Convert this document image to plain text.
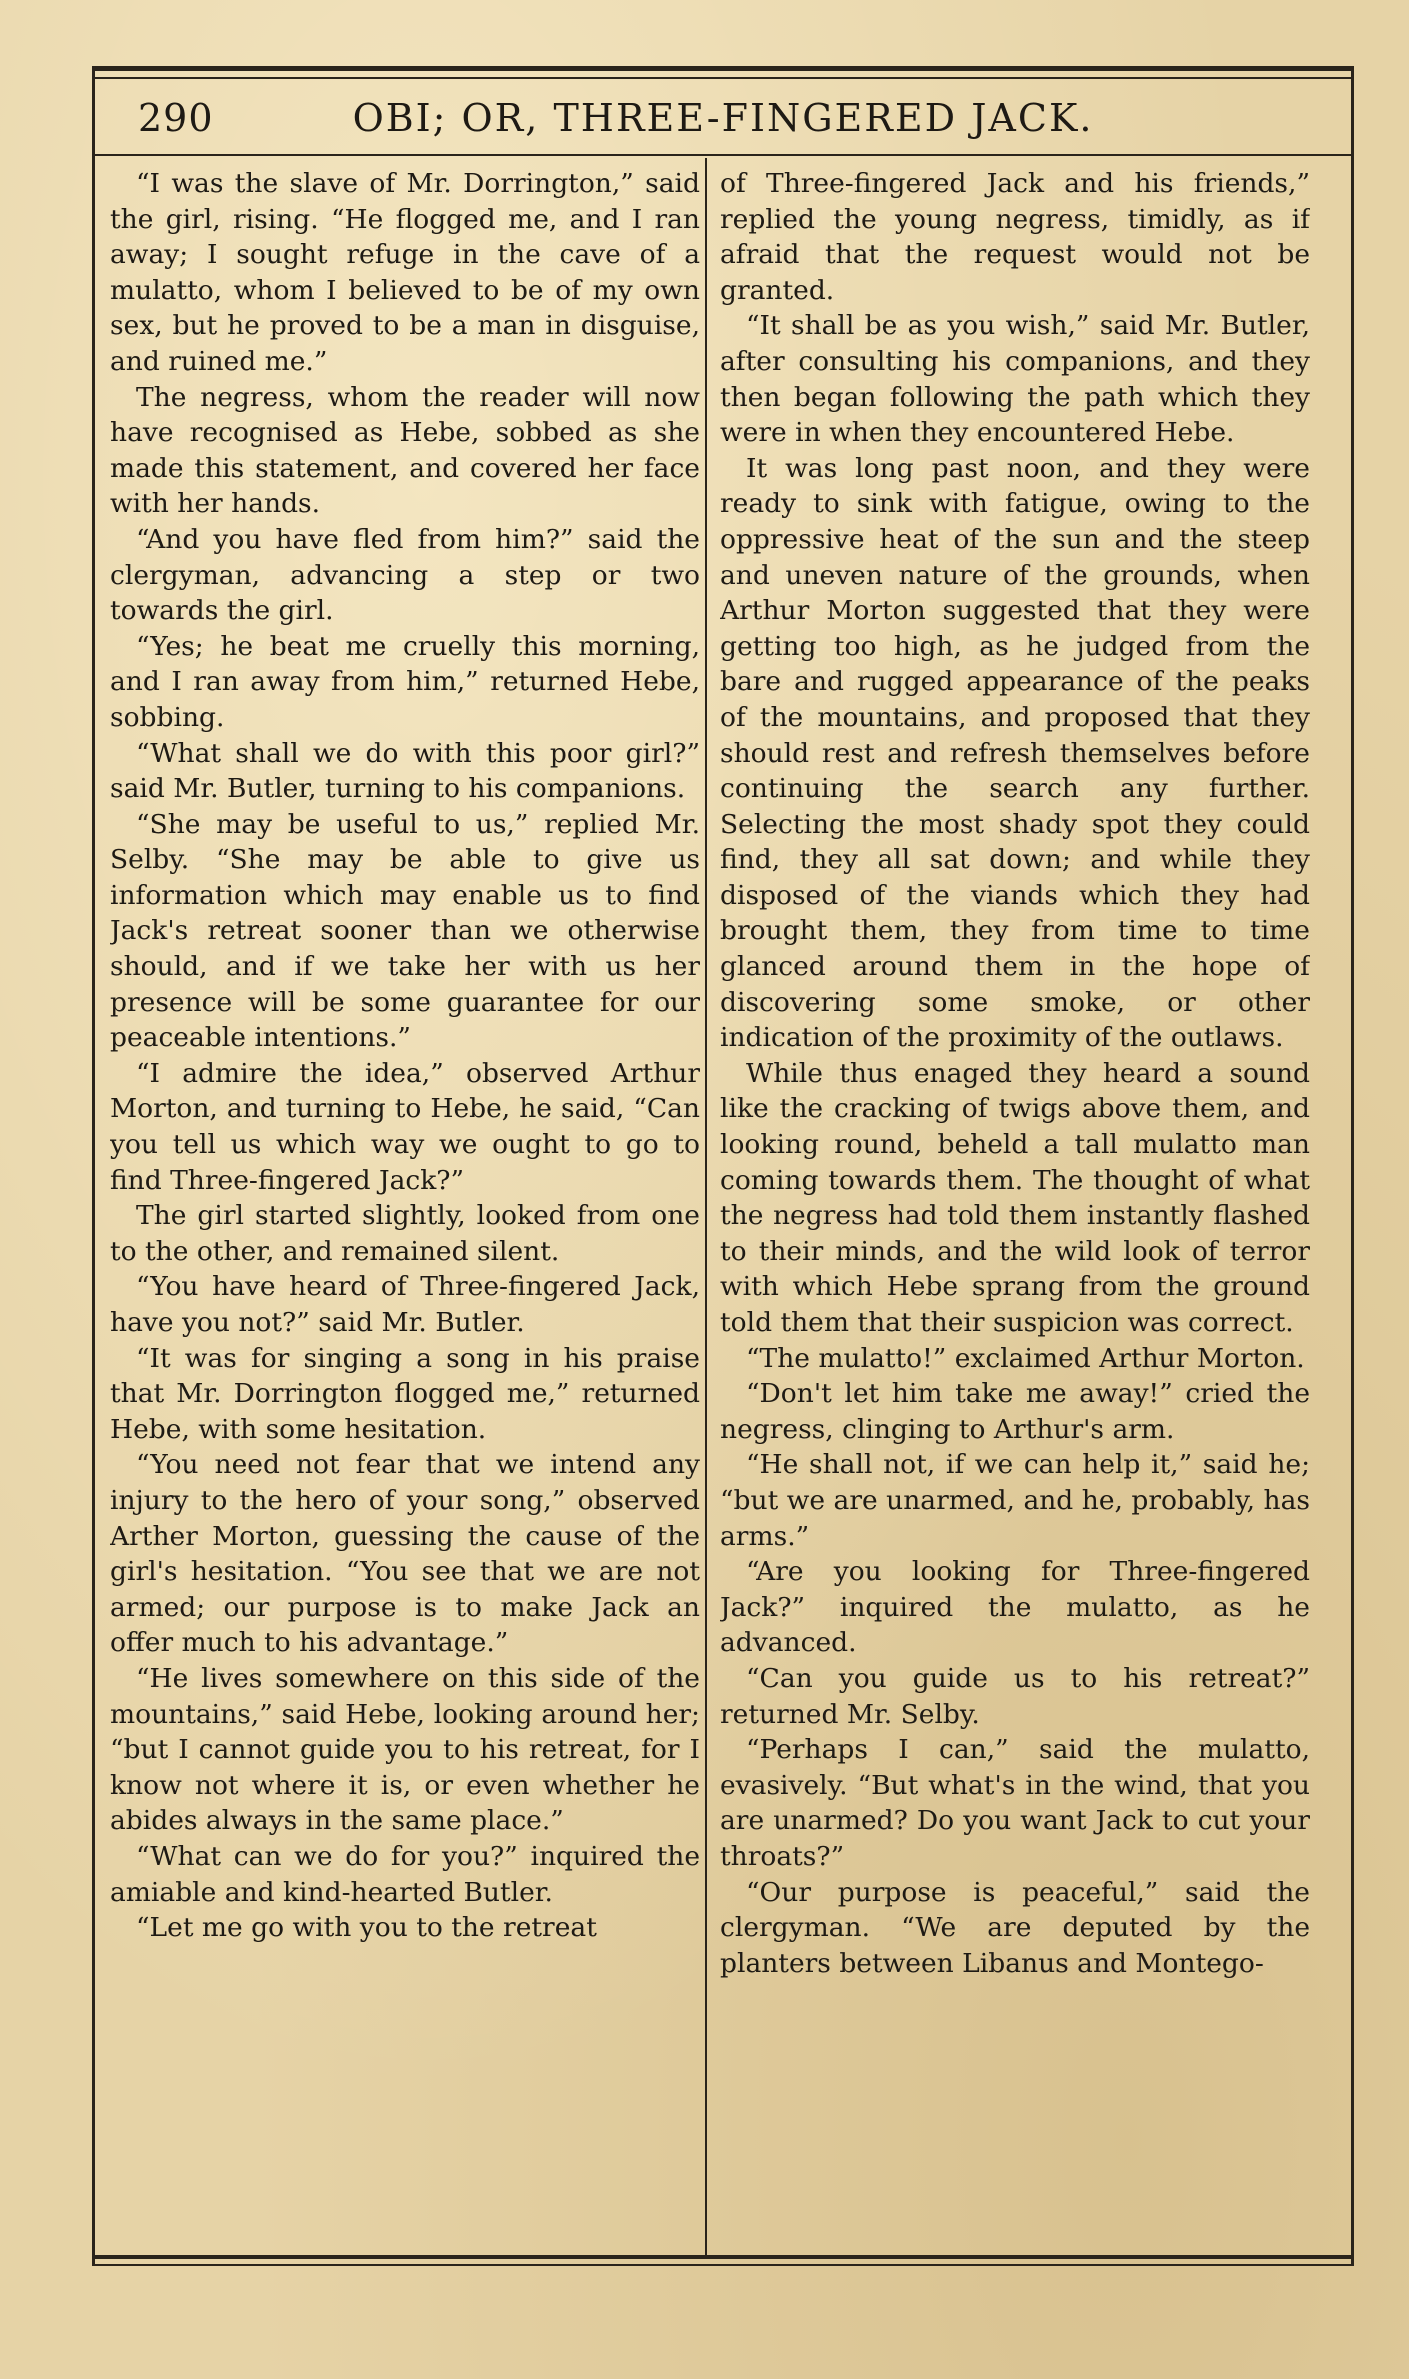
290	OBI; OR, THREE-FINGERED JACK.

“I was the slave of Mr. Dorrington,” said the girl, rising. “He flogged me, and I ran away; I sought refuge in the cave of a mulatto, whom I believed to be of my own sex, but he proved to be a man in disguise, and ruined me.”

The negress, whom the reader will now have recognised as Hebe, sobbed as she made this statement, and covered her face with her hands.

“And you have fled from him?” said the clergyman, advancing a step or two towards the girl.

“Yes; he beat me cruelly this morning, and I ran away from him,” returned Hebe, sobbing.

“What shall we do with this poor girl?” said Mr. Butler, turning to his companions.

“She may be useful to us,” replied Mr. Selby. “She may be able to give us information which may enable us to find Jack's retreat sooner than we otherwise should, and if we take her with us her presence will be some guarantee for our peaceable intentions.”

“I admire the idea,” observed Arthur Morton, and turning to Hebe, he said, “Can you tell us which way we ought to go to find Three-fingered Jack?”

The girl started slightly, looked from one to the other, and remained silent.

“You have heard of Three-fingered Jack, have you not?” said Mr. Butler.

“It was for singing a song in his praise that Mr. Dorrington flogged me,” returned Hebe, with some hesitation.

“You need not fear that we intend any injury to the hero of your song,” observed Arther Morton, guessing the cause of the girl's hesitation. “You see that we are not armed; our purpose is to make Jack an offer much to his advantage.”

“He lives somewhere on this side of the mountains,” said Hebe, looking around her; “but I cannot guide you to his retreat, for I know not where it is, or even whether he abides always in the same place.”

“What can we do for you?” inquired the amiable and kind-hearted Butler.

“Let me go with you to the retreat

of Three-fingered Jack and his friends,” replied the young negress, timidly, as if afraid that the request would not be granted.

“It shall be as you wish,” said Mr. Butler, after consulting his companions, and they then began following the path which they were in when they encountered Hebe.

It was long past noon, and they were ready to sink with fatigue, owing to the oppressive heat of the sun and the steep and uneven nature of the grounds, when Arthur Morton suggested that they were getting too high, as he judged from the bare and rugged appearance of the peaks of the mountains, and proposed that they should rest and refresh themselves before continuing the search any further. Selecting the most shady spot they could find, they all sat down; and while they disposed of the viands which they had brought them, they from time to time glanced around them in the hope of discovering some smoke, or other indication of the proximity of the outlaws.

While thus enaged they heard a sound like the cracking of twigs above them, and looking round, beheld a tall mulatto man coming towards them. The thought of what the negress had told them instantly flashed to their minds, and the wild look of terror with which Hebe sprang from the ground told them that their suspicion was correct.

“The mulatto!” exclaimed Arthur Morton.

“Don't let him take me away!” cried the negress, clinging to Arthur's arm.

“He shall not, if we can help it,” said he; “but we are unarmed, and he, probably, has arms.”

“Are you looking for Three-fingered Jack?” inquired the mulatto, as he advanced.

“Can you guide us to his retreat?” returned Mr. Selby.

“Perhaps I can,” said the mulatto, evasively. “But what's in the wind, that you are unarmed? Do you want Jack to cut your throats?”

“Our purpose is peaceful,” said the clergyman. “We are deputed by the planters between Libanus and Montego-
